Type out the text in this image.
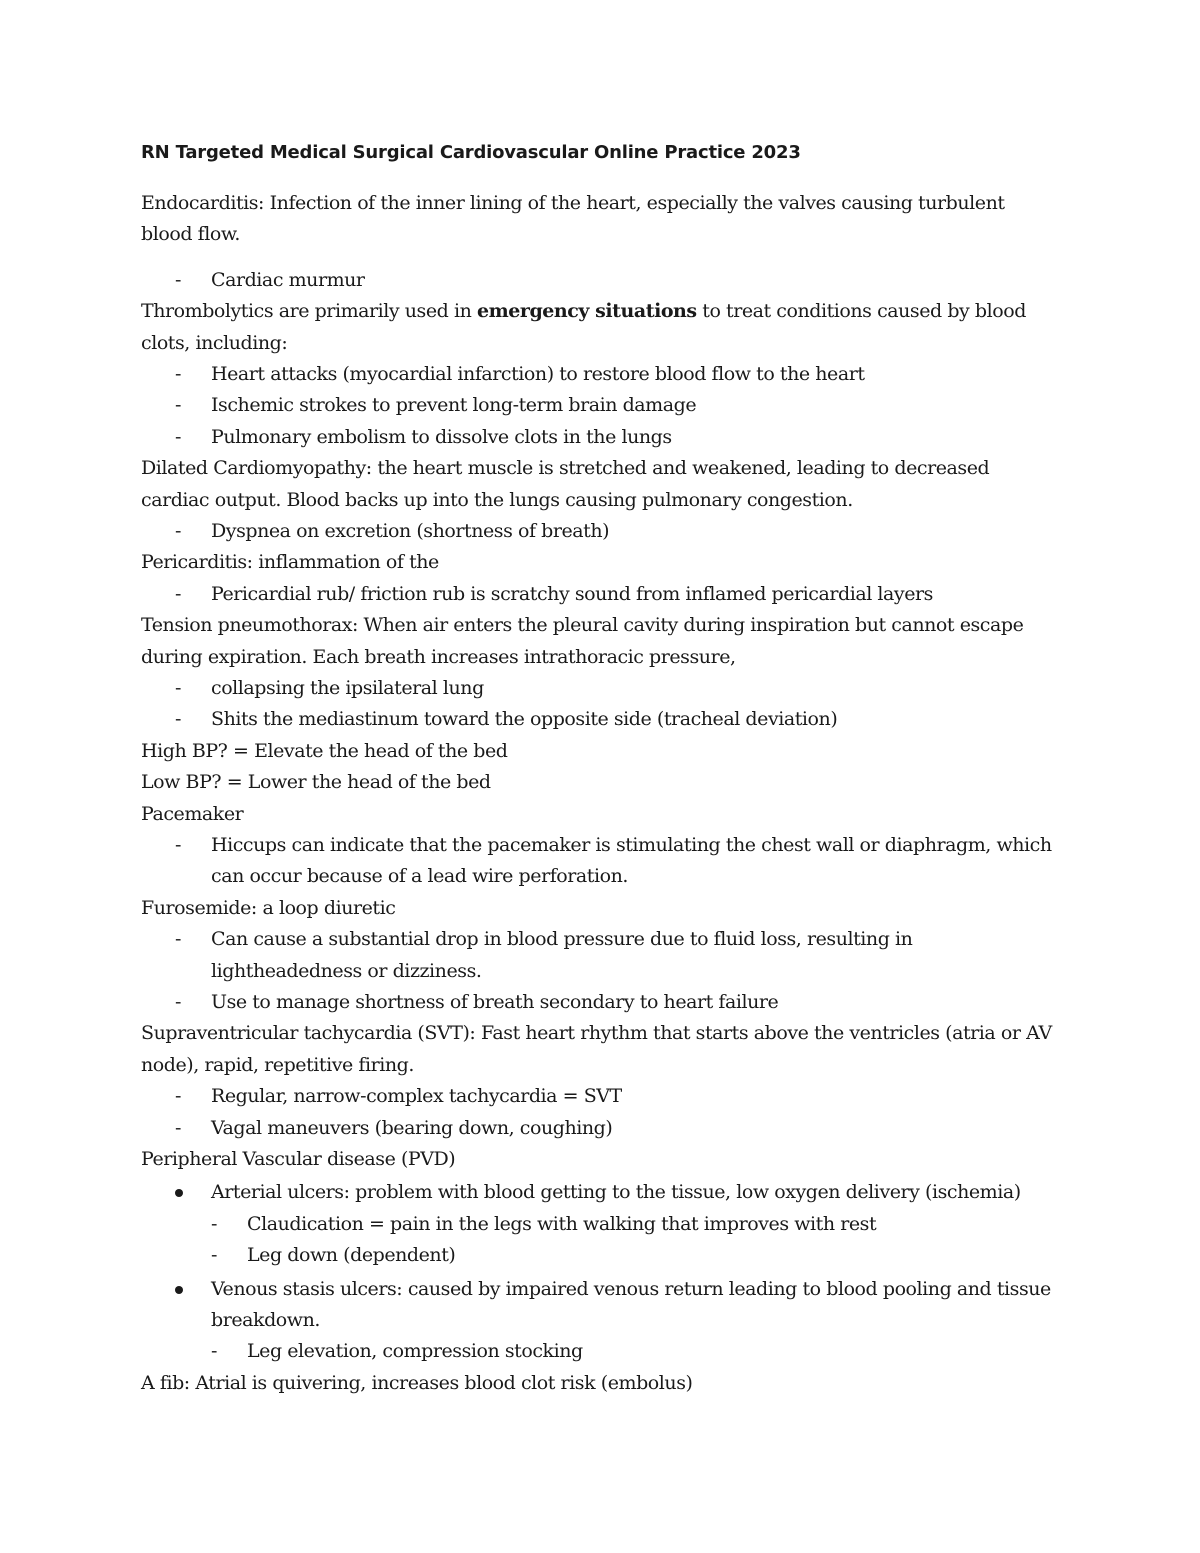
RN Targeted Medical Surgical Cardiovascular Online Practice 2023
Endocarditis: Infection of the inner lining of the heart, especially the valves causing turbulent blood flow.
- Cardiac murmur
Thrombolytics are primarily used in emergency situations to treat conditions caused by blood clots, including:
- Heart attacks (myocardial infarction) to restore blood flow to the heart
- Ischemic strokes to prevent long-term brain damage
- Pulmonary embolism to dissolve clots in the lungs
Dilated Cardiomyopathy: the heart muscle is stretched and weakened, leading to decreased cardiac output. Blood backs up into the lungs causing pulmonary congestion.
- Dyspnea on excretion (shortness of breath)
Pericarditis: inflammation of the
- Pericardial rub/ friction rub is scratchy sound from inflamed pericardial layers
Tension pneumothorax: When air enters the pleural cavity during inspiration but cannot escape during expiration. Each breath increases intrathoracic pressure,
- collapsing the ipsilateral lung
- Shits the mediastinum toward the opposite side (tracheal deviation)
High BP? = Elevate the head of the bed
Low BP? = Lower the head of the bed
Pacemaker
- Hiccups can indicate that the pacemaker is stimulating the chest wall or diaphragm, which can occur because of a lead wire perforation.
Furosemide: a loop diuretic
- Can cause a substantial drop in blood pressure due to fluid loss, resulting in lightheadedness or dizziness.
- Use to manage shortness of breath secondary to heart failure
Supraventricular tachycardia (SVT): Fast heart rhythm that starts above the ventricles (atria or AV node), rapid, repetitive firing.
- Regular, narrow-complex tachycardia = SVT
- Vagal maneuvers (bearing down, coughing)
Peripheral Vascular disease (PVD)
Arterial ulcers: problem with blood getting to the tissue, low oxygen delivery (ischemia)
- Claudication = pain in the legs with walking that improves with rest
- Leg down (dependent)
Venous stasis ulcers: caused by impaired venous return leading to blood pooling and tissue breakdown.
- Leg elevation, compression stocking
A fib: Atrial is quivering, increases blood clot risk (embolus)
